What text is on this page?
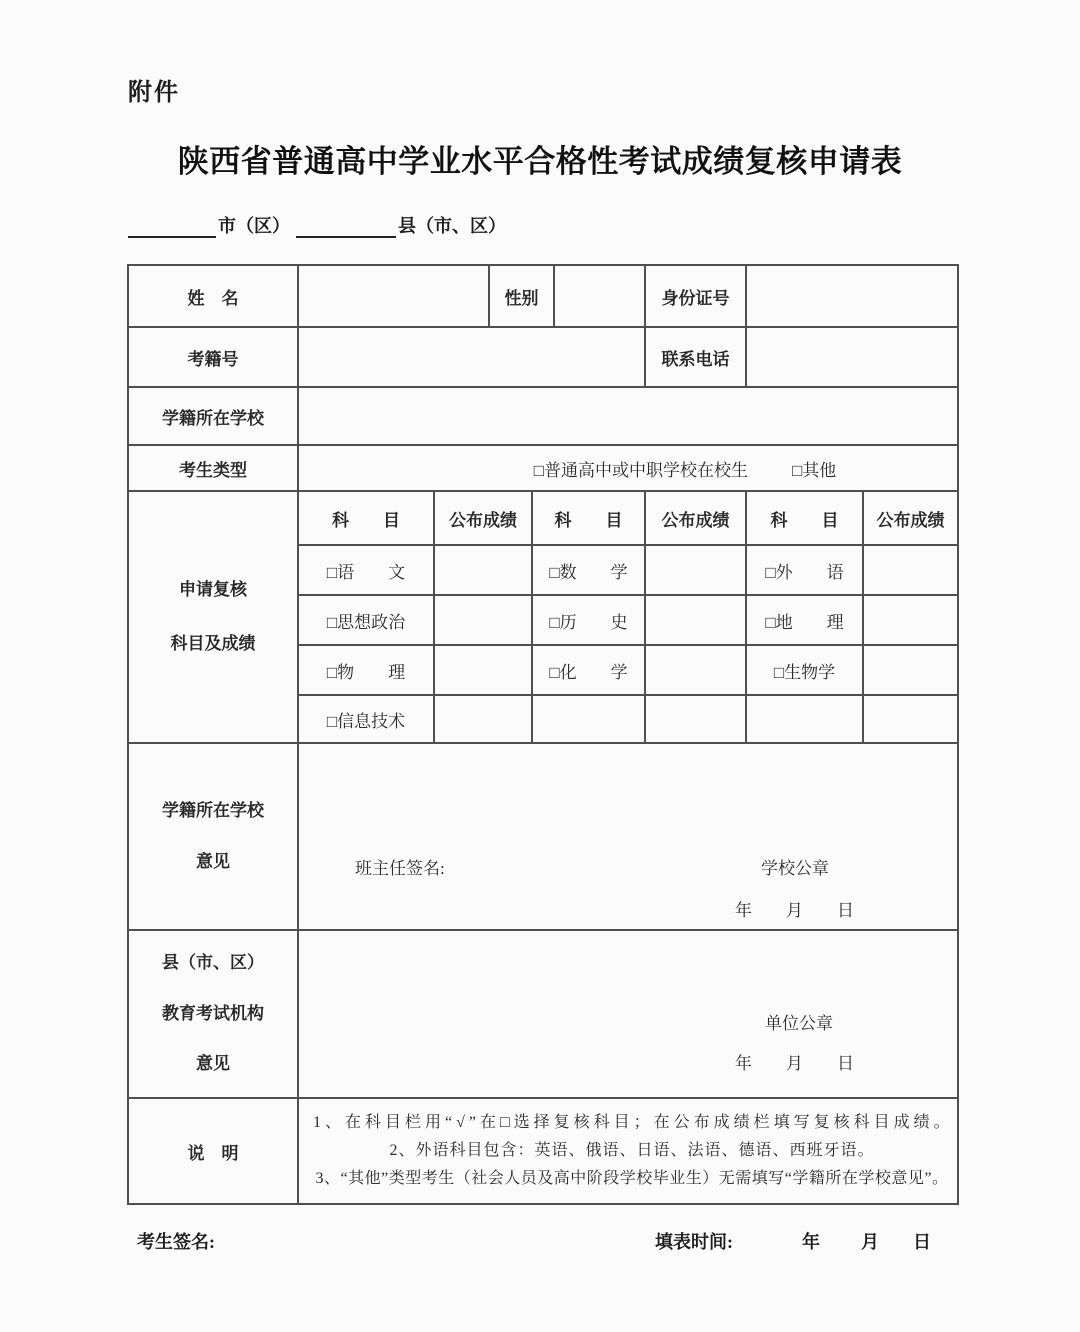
附件
陕西省普通高中学业水平合格性考试成绩复核申请表
市（区）	县（市、区）
姓　名			性别			身份证号		
考籍号						联系电话		
学籍所在学校								
考生类型	□普通高中或中职学校在校生 □其他							

申请复核
科目及成绩	科　　目	公布成绩		科　　目		公布成绩	科　　目	公布成绩
	□语　　文			□数　　学			□外　　语	
	□思想政治			□历　　史			□地　　理	
	□物　　理			□化　　学			□生物学	
	□信息技术							

学籍所在学校
意见	班主任签名:	学校公章
年　　月　　日

县（市、区）
教育考试机构
意见

单位公章
年　　月　　日

说　明	1、在科目栏用“√”在□选择复核科目；在公布成绩栏填写复核科目成绩。
2、外语科目包含：英语、俄语、日语、法语、德语、西班牙语。
3、“其他”类型考生（社会人员及高中阶段学校毕业生）无需填写“学籍所在学校意见”。							
考生签名:	填表时间:	年 月 日
